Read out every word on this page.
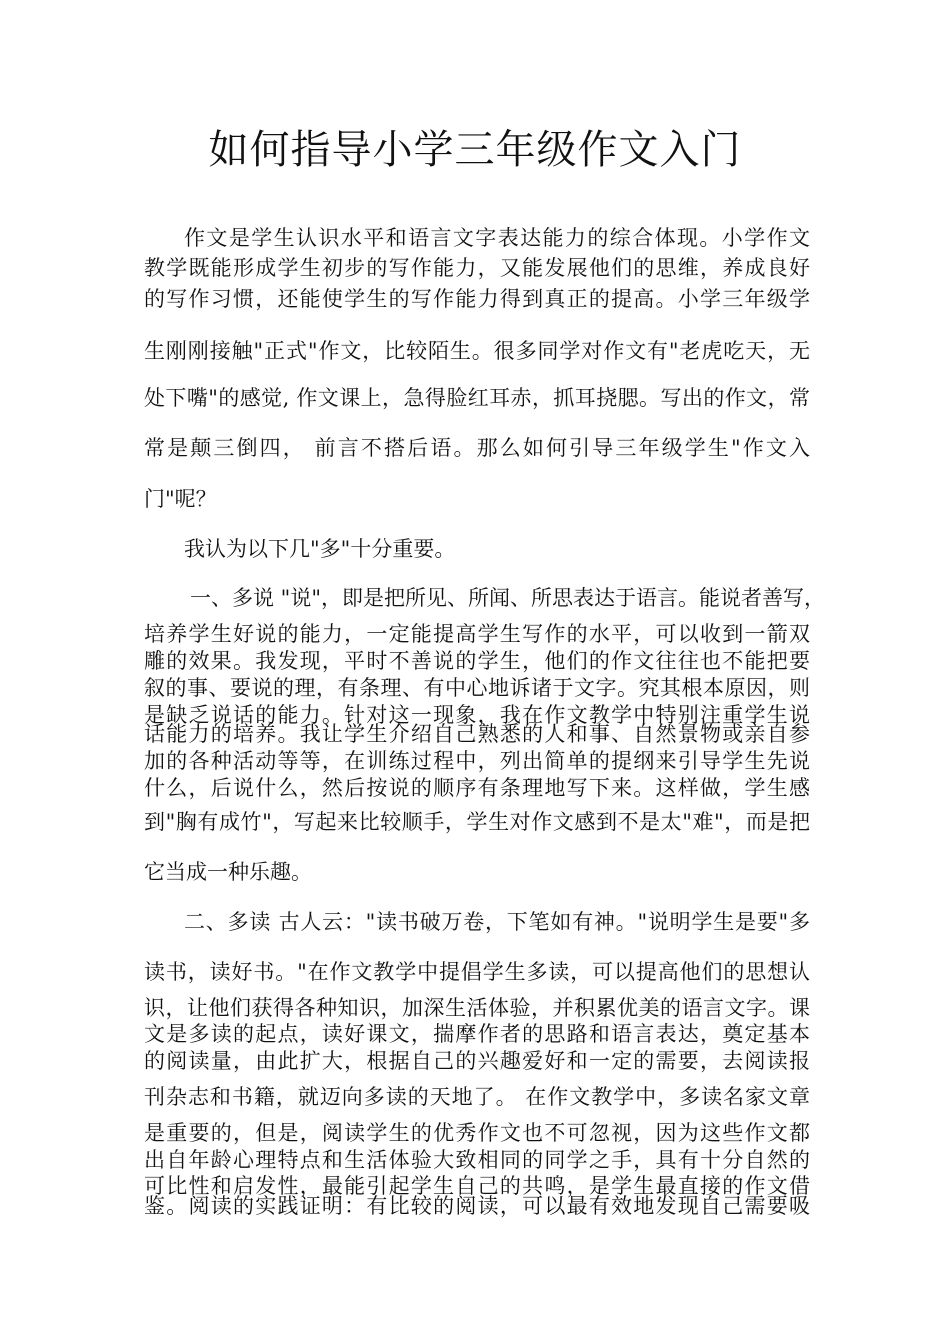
如何指导小学三年级作文入门
作文是学生认识水平和语言文字表达能力的综合体现。小学作文
教学既能形成学生初步的写作能力，又能发展他们的思维，养成良好
的写作习惯，还能使学生的写作能力得到真正的提高。小学三年级学
生刚刚接触"正式"作文，比较陌生。很多同学对作文有"老虎吃天，无
处下嘴"的感觉, 作文课上，急得脸红耳赤，抓耳挠腮。写出的作文，常
常是颠三倒四， 前言不搭后语。那么如何引导三年级学生"作文入
门"呢？
我认为以下几"多"十分重要。
一、多说 "说"，即是把所见、所闻、所思表达于语言。能说者善写，
培养学生好说的能力，一定能提高学生写作的水平，可以收到一箭双
雕的效果。我发现，平时不善说的学生，他们的作文往往也不能把要
叙的事、要说的理，有条理、有中心地诉诸于文字。究其根本原因，则
是缺乏说话的能力。针对这一现象，我在作文教学中特别注重学生说
话能力的培养。我让学生介绍自己熟悉的人和事、自然景物或亲自参
加的各种活动等等，在训练过程中，列出简单的提纲来引导学生先说
什么，后说什么，然后按说的顺序有条理地写下来。这样做，学生感
到"胸有成竹"，写起来比较顺手，学生对作文感到不是太"难"，而是把
它当成一种乐趣。
二、多读 古人云："读书破万卷，下笔如有神。"说明学生是要"多
读书，读好书。"在作文教学中提倡学生多读，可以提高他们的思想认
识，让他们获得各种知识，加深生活体验，并积累优美的语言文字。课
文是多读的起点，读好课文，揣摩作者的思路和语言表达，奠定基本
的阅读量，由此扩大，根据自己的兴趣爱好和一定的需要，去阅读报
刊杂志和书籍，就迈向多读的天地了。 在作文教学中，多读名家文章
是重要的，但是，阅读学生的优秀作文也不可忽视，因为这些作文都
出自年龄心理特点和生活体验大致相同的同学之手，具有十分自然的
可比性和启发性，最能引起学生自己的共鸣，是学生最直接的作文借
鉴。阅读的实践证明：有比较的阅读，可以最有效地发现自己需要吸
